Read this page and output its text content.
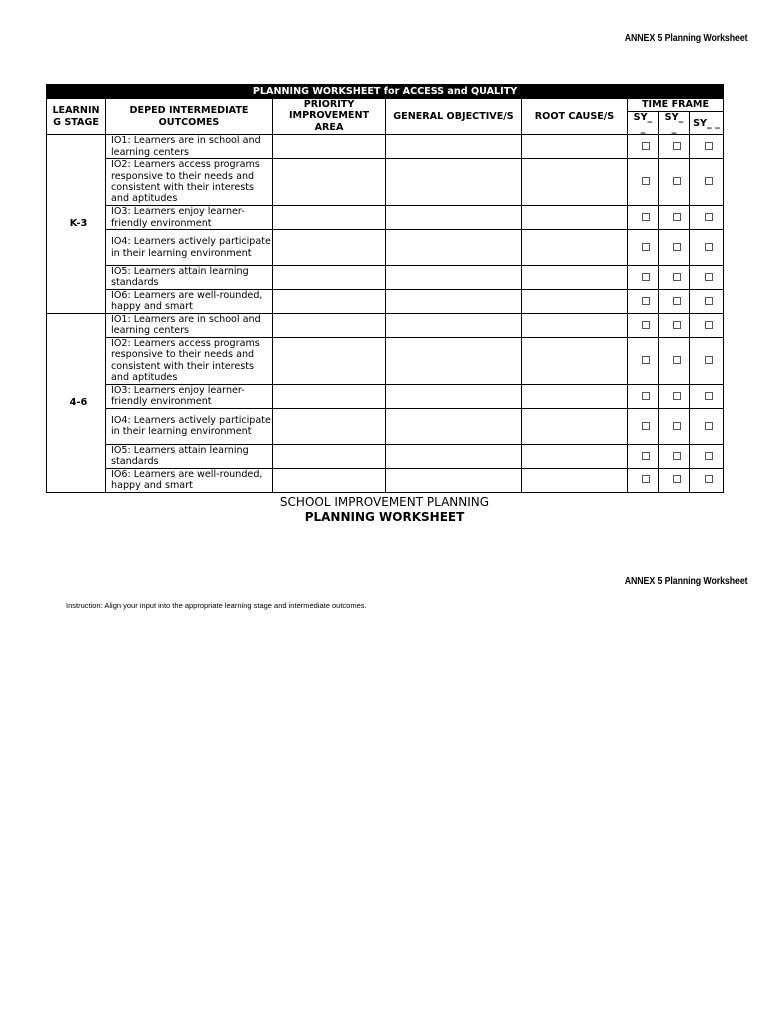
ANNEX 5 Planning Worksheet
PLANNING WORKSHEET for ACCESS and QUALITY							
LEARNIN G STAGE	DEPED INTERMEDIATE OUTCOMES	PRIORITY IMPROVEMENT AREA	GENERAL OBJECTIVE/S	ROOT CAUSE/S	TIME FRAME		
					SY_ _	SY_ _	SY_ _
K-3	IO1: Learners are in school and learning centers						
	IO2: Learners access programs responsive to their needs and consistent with their interests and aptitudes						
	IO3: Learners enjoy learner-friendly environment						
	IO4: Learners actively participate in their learning environment						
	IO5: Learners attain learning standards						
	IO6: Learners are well-rounded, happy and smart						
4-6	IO1: Learners are in school and learning centers						
	IO2: Learners access programs responsive to their needs and consistent with their interests and aptitudes						
	IO3: Learners enjoy learner-friendly environment						
	IO4: Learners actively participate in their learning environment						
	IO5: Learners attain learning standards						
	IO6: Learners are well-rounded, happy and smart						
SCHOOL IMPROVEMENT PLANNING
PLANNING WORKSHEET
ANNEX 5 Planning Worksheet
Instruction: Align your input into the appropriate learning stage and intermediate outcomes.
